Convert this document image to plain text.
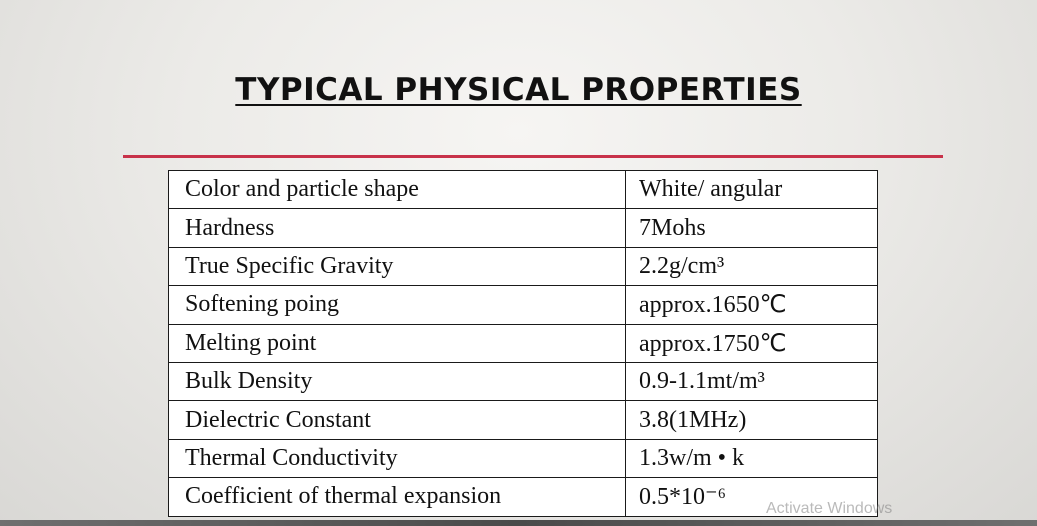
TYPICAL PHYSICAL PROPERTIES
Color and particle shape	White/ angular
Hardness	7Mohs
True Specific Gravity	2.2g/cm³
Softening poing	approx.1650℃
Melting point	approx.1750℃
Bulk Density	0.9-1.1mt/m³
Dielectric Constant	3.8(1MHz)
Thermal Conductivity	1.3w/m • k
Coefficient of thermal expansion	0.5*10⁻⁶ Activate Windows
